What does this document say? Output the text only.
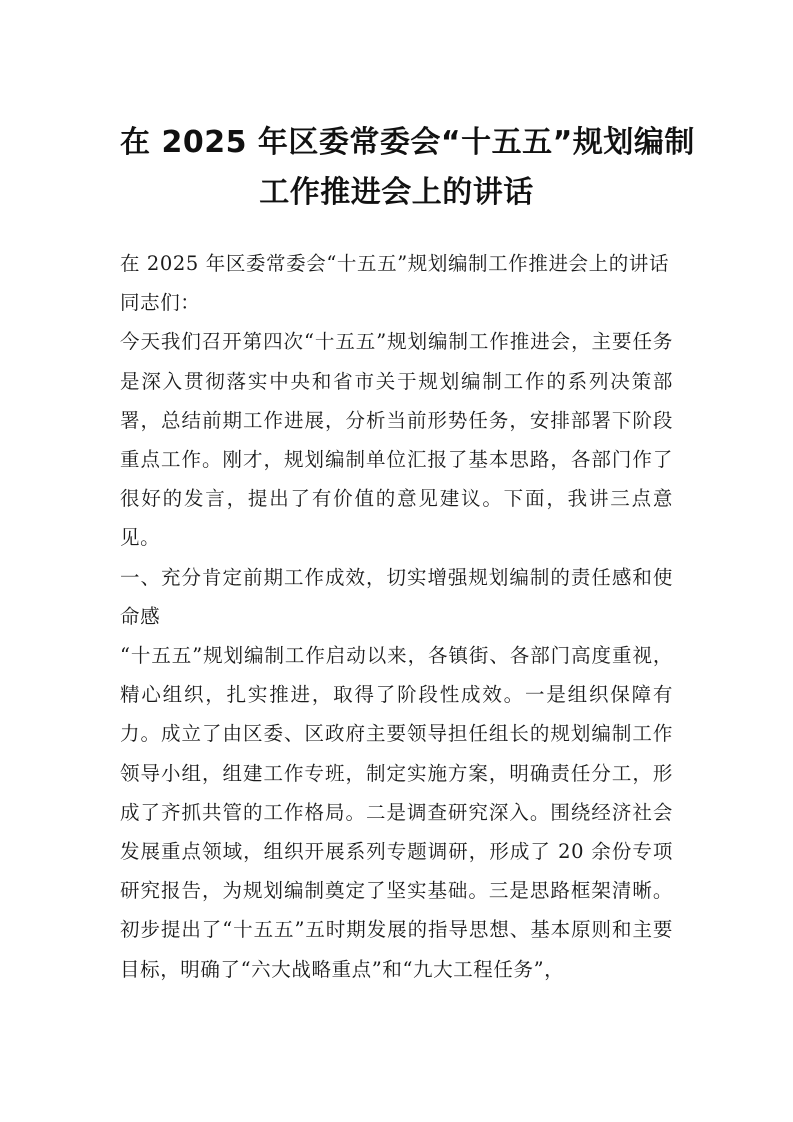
在 2025 年区委常委会“十五五”规划编制
工作推进会上的讲话

在 2025 年区委常委会“十五五”规划编制工作推进会上的讲话

同志们：

今天我们召开第四次“十五五”规划编制工作推进会，主要任务是深入贯彻落实中央和省市关于规划编制工作的系列决策部署，总结前期工作进展，分析当前形势任务，安排部署下阶段重点工作。刚才，规划编制单位汇报了基本思路，各部门作了很好的发言，提出了有价值的意见建议。下面，我讲三点意见。

一、充分肯定前期工作成效，切实增强规划编制的责任感和使命感

“十五五”规划编制工作启动以来，各镇街、各部门高度重视，精心组织，扎实推进，取得了阶段性成效。一是组织保障有力。成立了由区委、区政府主要领导担任组长的规划编制工作领导小组，组建工作专班，制定实施方案，明确责任分工，形成了齐抓共管的工作格局。二是调查研究深入。围绕经济社会发展重点领域，组织开展系列专题调研，形成了 20 余份专项研究报告，为规划编制奠定了坚实基础。三是思路框架清晰。初步提出了“十五五”五时期发展的指导思想、基本原则和主要目标，明确了“六大战略重点”和“九大工程任务”，
